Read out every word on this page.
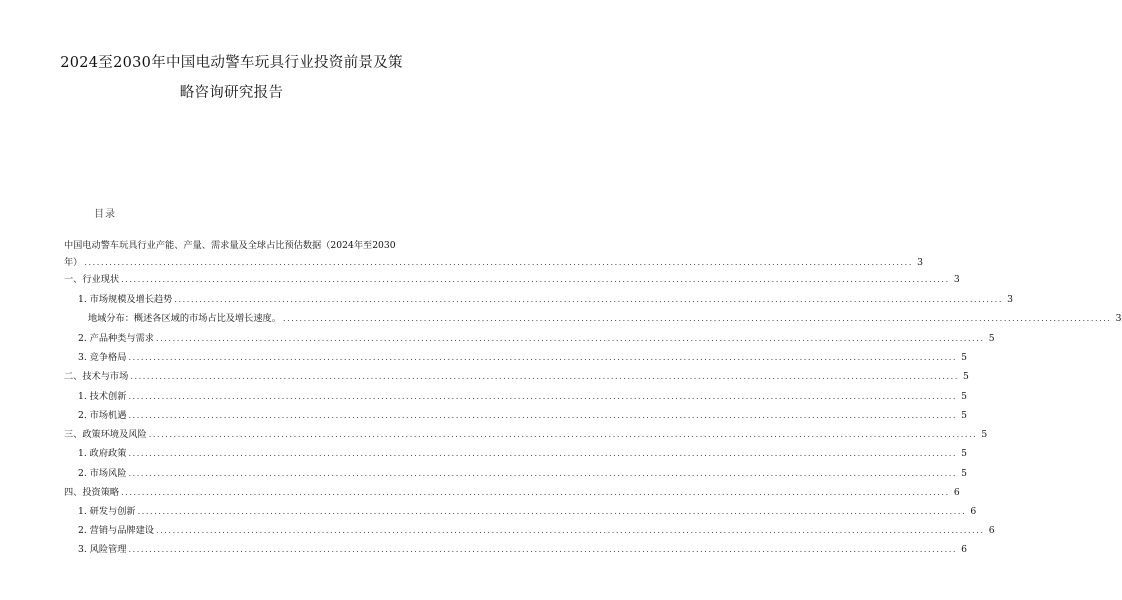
2024至2030年中国电动警车玩具行业投资前景及策
略咨询研究报告
目录
中国电动警车玩具行业产能、产量、需求量及全球占比预估数据（2024年至2030
年） ........................................................................................................................................................................................................ 3
一、行业现状 ........................................................................................................................................................................................................ 3
1. 市场规模及增长趋势 ........................................................................................................................................................................................................ 3
地域分布：概述各区域的市场占比及增长速度。 ........................................................................................................................................................................................................ 3
2. 产品种类与需求 ........................................................................................................................................................................................................ 5
3. 竞争格局 ........................................................................................................................................................................................................ 5
二、技术与市场 ........................................................................................................................................................................................................ 5
1. 技术创新 ........................................................................................................................................................................................................ 5
2. 市场机遇 ........................................................................................................................................................................................................ 5
三、政策环境及风险 ........................................................................................................................................................................................................ 5
1. 政府政策 ........................................................................................................................................................................................................ 5
2. 市场风险 ........................................................................................................................................................................................................ 5
四、投资策略 ........................................................................................................................................................................................................ 6
1. 研发与创新 ........................................................................................................................................................................................................ 6
2. 营销与品牌建设 ........................................................................................................................................................................................................ 6
3. 风险管理 ........................................................................................................................................................................................................ 6
